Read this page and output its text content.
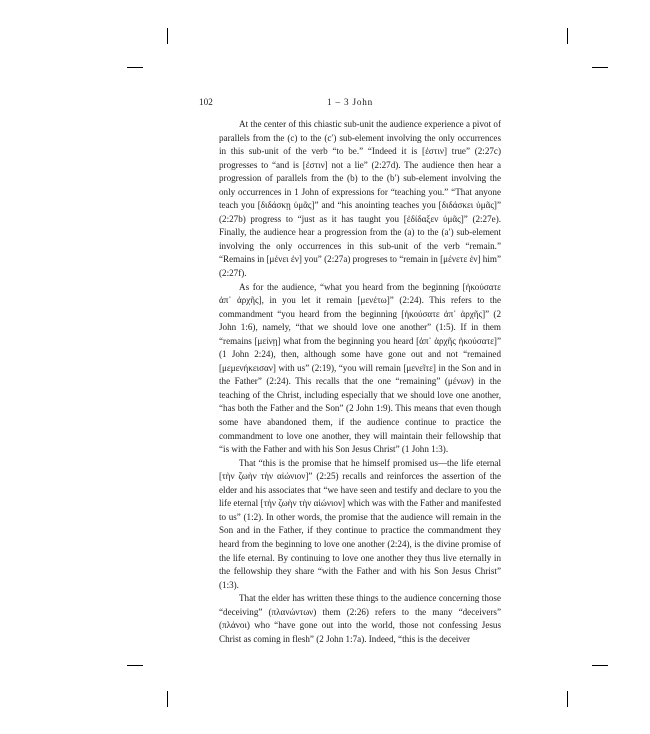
102	1 – 3 John

At the center of this chiastic sub-unit the audience experience a pivot of parallels from the (c) to the (c′) sub-element involving the only occurrences in this sub-unit of the verb “to be.” “Indeed it is [ἐστιν] true” (2:27c) progresses to “and is [ἐστιν] not a lie” (2:27d). The audience then hear a progression of parallels from the (b) to the (b′) sub-element involving the only occurrences in 1 John of expressions for “teaching you.” “That anyone teach you [διδάσκῃ ὑμᾶς]” and “his anointing teaches you [διδάσκει ὑμᾶς]” (2:27b) progress to “just as it has taught you [ἐδίδαξεν ὑμᾶς]” (2:27e). Finally, the audience hear a progression from the (a) to the (a′) sub-element involving the only occurrences in this sub-unit of the verb “remain.” “Remains in [μένει ἐν] you” (2:27a) progreses to “remain in [μένετε ἐν] him” (2:27f).

As for the audience, “what you heard from the beginning [ἠκούσατε ἀπ᾽ ἀρχῆς], in you let it remain [μενέτω]” (2:24). This refers to the commandment “you heard from the beginning [ἠκούσατε ἀπ᾽ ἀρχῆς]” (2 John 1:6), namely, “that we should love one another” (1:5). If in them “remains [μείνῃ] what from the beginning you heard [ἀπ᾽ ἀρχῆς ἠκούσατε]” (1 John 2:24), then, although some have gone out and not “remained [μεμενήκεισαν] with us” (2:19), “you will remain [μενεῖτε] in the Son and in the Father” (2:24). This recalls that the one “remaining” (μένων) in the teaching of the Christ, including especially that we should love one another, “has both the Father and the Son” (2 John 1:9). This means that even though some have abandoned them, if the audience continue to practice the commandment to love one another, they will maintain their fellowship that “is with the Father and with his Son Jesus Christ” (1 John 1:3).

That “this is the promise that he himself promised us—the life eternal [τὴν ζωὴν τὴν αἰώνιον]” (2:25) recalls and reinforces the assertion of the elder and his associates that “we have seen and testify and declare to you the life eternal [τὴν ζωὴν τὴν αἰώνιον] which was with the Father and manifested to us” (1:2). In other words, the promise that the audience will remain in the Son and in the Father, if they continue to practice the commandment they heard from the beginning to love one another (2:24), is the divine promise of the life eternal. By continuing to love one another they thus live eternally in the fellowship they share “with the Father and with his Son Jesus Christ” (1:3).

That the elder has written these things to the audience concerning those “deceiving” (πλανώντων) them (2:26) refers to the many “deceivers” (πλάνοι) who “have gone out into the world, those not confessing Jesus Christ as coming in flesh” (2 John 1:7a). Indeed, “this is the deceiver
